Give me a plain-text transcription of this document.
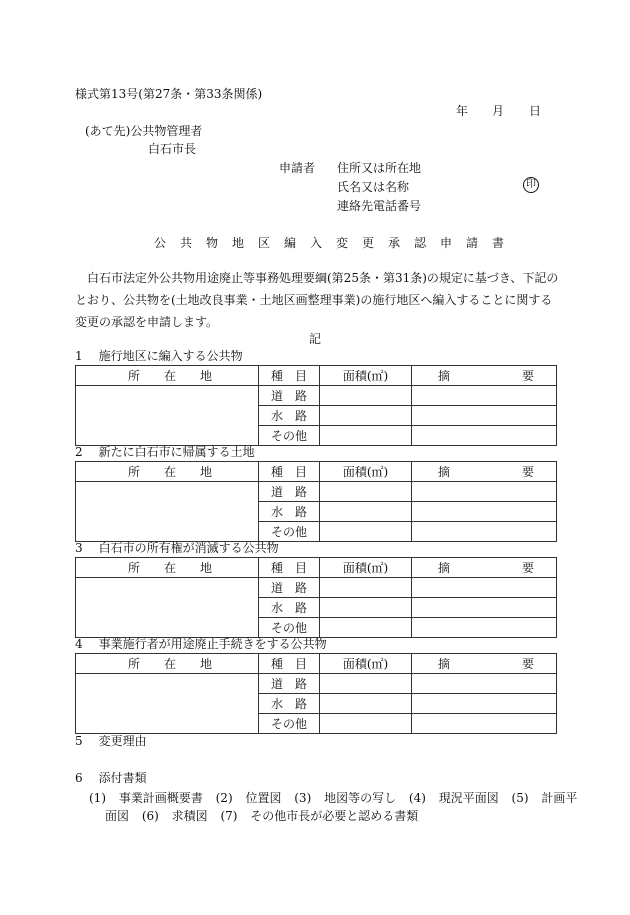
様式第13号(第27条・第33条関係)
年 月 日
(あて先)公共物管理者
白石市長
申請者 住所又は所在地
氏名又は名称	印
連絡先電話番号
公共物地区編入変更承認申請書
白石市法定外公共物用途廃止等事務処理要綱(第25条・第31条)の規定に基づき、下記の
とおり、公共物を(土地改良事業・土地区画整理事業)の施行地区へ編入することに関する
変更の承認を申請します。
記
1 施行地区に編入する公共物
所 在 地	種 目	面積(㎡)	摘 要

	道 路		

	水 路		

	そ の 他		

2 新たに白石市に帰属する土地
所 在 地	種 目	面積(㎡)	摘 要

	道 路		

	水 路		

	そ の 他		

3 白石市の所有権が消滅する公共物
所 在 地	種 目	面積(㎡)	摘 要

	道 路		

	水 路		

	そ の 他		

4 事業施行者が用途廃止手続きをする公共物
所 在 地	種 目	面積(㎡)	摘 要

	道 路		

	水 路		

	そ の 他		

5 変更理由
6 添付書類
(1) 事業計画概要書 (2) 位置図 (3) 地図等の写し (4) 現況平面図 (5) 計画平
面図 (6) 求積図 (7) その他市長が必要と認める書類
